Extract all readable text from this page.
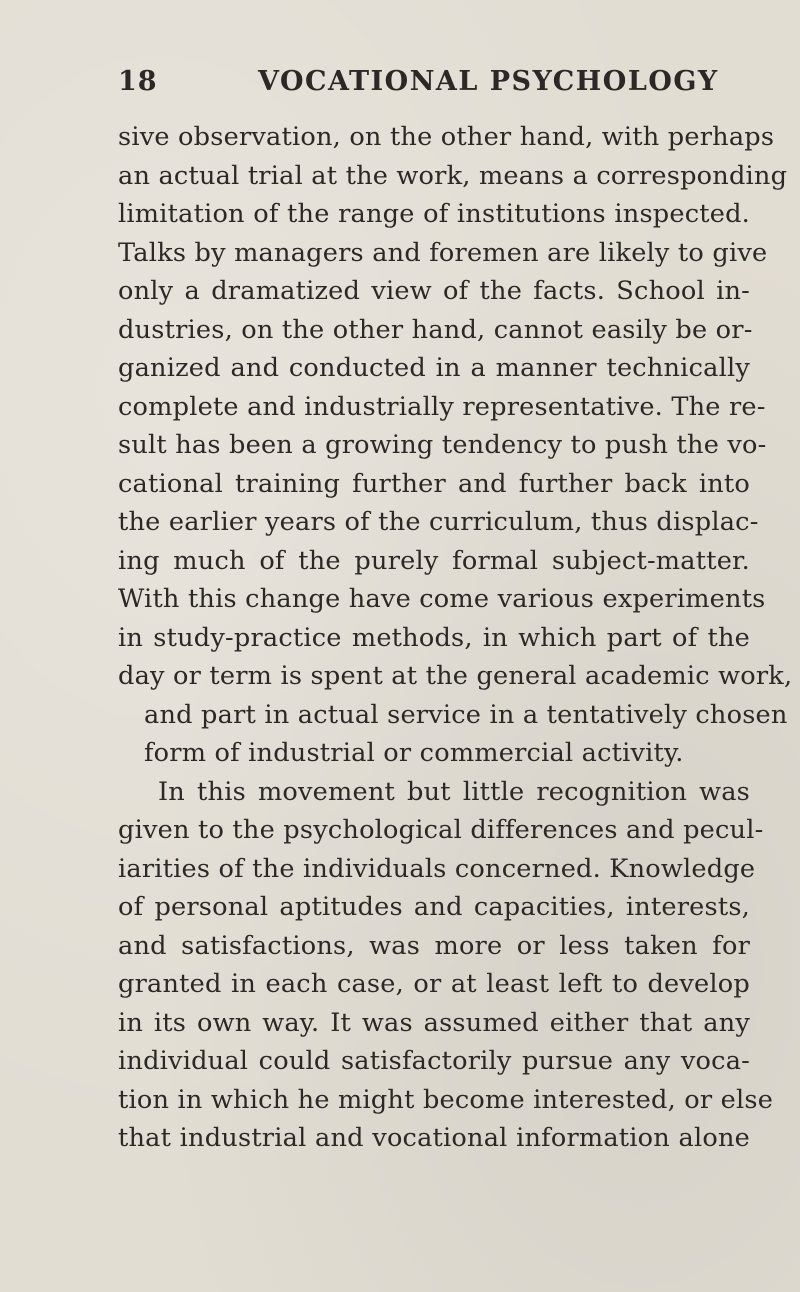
18	VOCATIONAL PSYCHOLOGY
sive observation, on the other hand, with perhaps
an actual trial at the work, means a corresponding
limitation of the range of institutions inspected.
Talks by managers and foremen are likely to give
only a dramatized view of the facts. School in-
dustries, on the other hand, cannot easily be or-
ganized and conducted in a manner technically
complete and industrially representative. The re-
sult has been a growing tendency to push the vo-
cational training further and further back into
the earlier years of the curriculum, thus displac-
ing much of the purely formal subject-matter.
With this change have come various experiments
in study-practice methods, in which part of the
day or term is spent at the general academic work,
and part in actual service in a tentatively chosen
form of industrial or commercial activity.
In this movement but little recognition was
given to the psychological differences and pecul-
iarities of the individuals concerned. Knowledge
of personal aptitudes and capacities, interests,
and satisfactions, was more or less taken for
granted in each case, or at least left to develop
in its own way. It was assumed either that any
individual could satisfactorily pursue any voca-
tion in which he might become interested, or else
that industrial and vocational information alone
